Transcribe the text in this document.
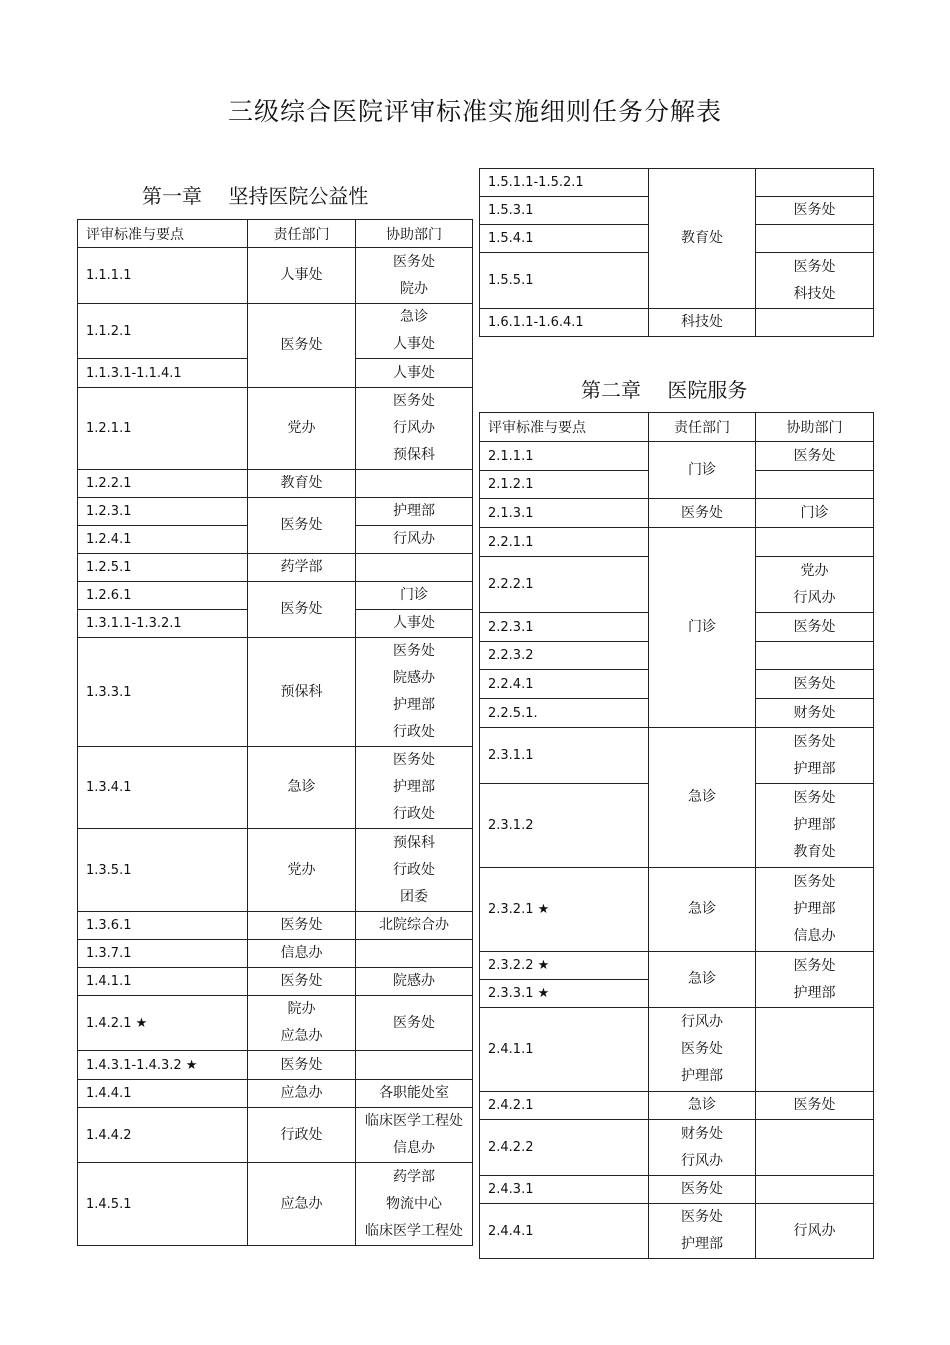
三级综合医院评审标准实施细则任务分解表
第一章　 坚持医院公益性
第二章　 医院服务
评审标准与要点	责任部门	协助部门
1.1.1.1	人事处	医务处
院办

1.1.2.1	医务处	急诊
人事处

1.1.3.1-1.1.4.1		人事处

1.2.1.1	党办	医务处
行风办
预保科

1.2.2.1	教育处	

1.2.3.1	医务处	护理部

1.2.4.1		行风办

1.2.5.1	药学部	

1.2.6.1	医务处	门诊

1.3.1.1-1.3.2.1		人事处

1.3.3.1	预保科	医务处
院感办
护理部
行政处

1.3.4.1	急诊	医务处
护理部
行政处

1.3.5.1	党办	预保科
行政处
团委

1.3.6.1	医务处	北院综合办

1.3.7.1	信息办	

1.4.1.1	医务处	院感办

1.4.2.1 ★	院办
应急办	医务处

1.4.3.1-1.4.3.2 ★	医务处	

1.4.4.1	应急办	各职能处室

1.4.4.2	行政处	临床医学工程处
信息办

1.4.5.1	应急办	药学部
物流中心
临床医学工程处
1.5.1.1-1.5.2.1	教育处	

1.5.3.1		医务处

1.5.4.1		
1.5.5.1		医务处
科技处

1.6.1.1-1.6.4.1	科技处	

评审标准与要点	责任部门	协助部门
2.1.1.1	门诊	医务处

2.1.2.1		
2.1.3.1	医务处	门诊

2.2.1.1	门诊	

2.2.2.1		党办
行风办

2.2.3.1		医务处

2.2.3.2		
2.2.4.1		医务处

2.2.5.1.		财务处

2.3.1.1	急诊	医务处
护理部

2.3.1.2		医务处
护理部
教育处

2.3.2.1 ★	急诊	医务处
护理部
信息办

2.3.2.2 ★	急诊	医务处
护理部

2.3.3.1 ★		
2.4.1.1	行风办
医务处
护理部	

2.4.2.1	急诊	医务处

2.4.2.2	财务处
行风办	

2.4.3.1	医务处	

2.4.4.1	医务处
护理部	行风办
